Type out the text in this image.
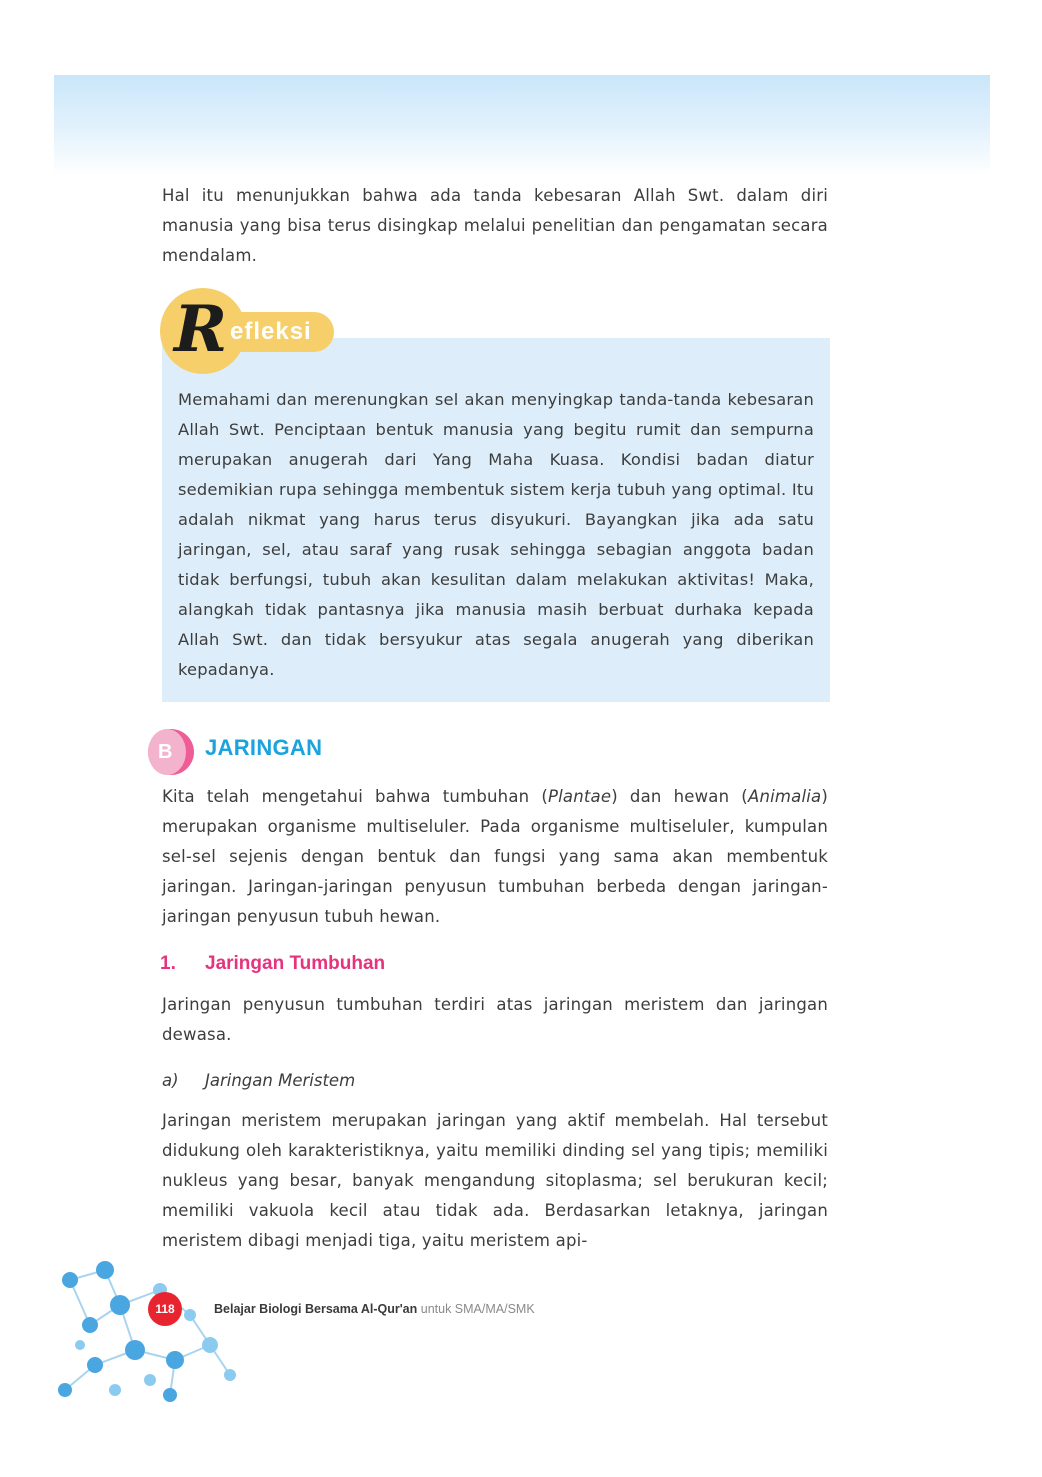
Hal itu menunjukkan bahwa ada tanda kebesaran Allah Swt. dalam diri manusia yang bisa terus disingkap melalui penelitian dan pengamatan secara mendalam.

Memahami dan merenungkan sel akan menyingkap tanda-tanda kebesaran Allah Swt. Penciptaan bentuk manusia yang begitu rumit dan sempurna merupakan anugerah dari Yang Maha Kuasa. Kondisi badan diatur sedemikian rupa sehingga membentuk sistem kerja tubuh yang optimal. Itu adalah nikmat yang harus terus disyukuri. Bayangkan jika ada satu jaringan, sel, atau saraf yang rusak sehingga sebagian anggota badan tidak berfungsi, tubuh akan kesulitan dalam melakukan aktivitas! Maka, alangkah tidak pantasnya jika manusia masih berbuat durhaka kepada Allah Swt. dan tidak bersyukur atas segala anugerah yang diberikan kepadanya.

R efleksi
B JARINGAN

Kita telah mengetahui bahwa tumbuhan (Plantae) dan hewan (Animalia) merupakan organisme multiseluler. Pada organisme multiseluler, kumpulan sel-sel sejenis dengan bentuk dan fungsi yang sama akan membentuk jaringan. Jaringan-jaringan penyusun tumbuhan berbeda dengan jaringan-jaringan penyusun tubuh hewan.

1. Jaringan Tumbuhan

Jaringan penyusun tumbuhan terdiri atas jaringan meristem dan jaringan dewasa.

a) Jaringan Meristem

Jaringan meristem merupakan jaringan yang aktif membelah. Hal tersebut didukung oleh karakteristiknya, yaitu memiliki dinding sel yang tipis; memiliki nukleus yang besar, banyak mengandung sitoplasma; sel berukuran kecil; memiliki vakuola kecil atau tidak ada. Berdasarkan letaknya, jaringan meristem dibagi menjadi tiga, yaitu meristem api-

118	Belajar Biologi Bersama Al-Qur'an untuk SMA/MA/SMK
